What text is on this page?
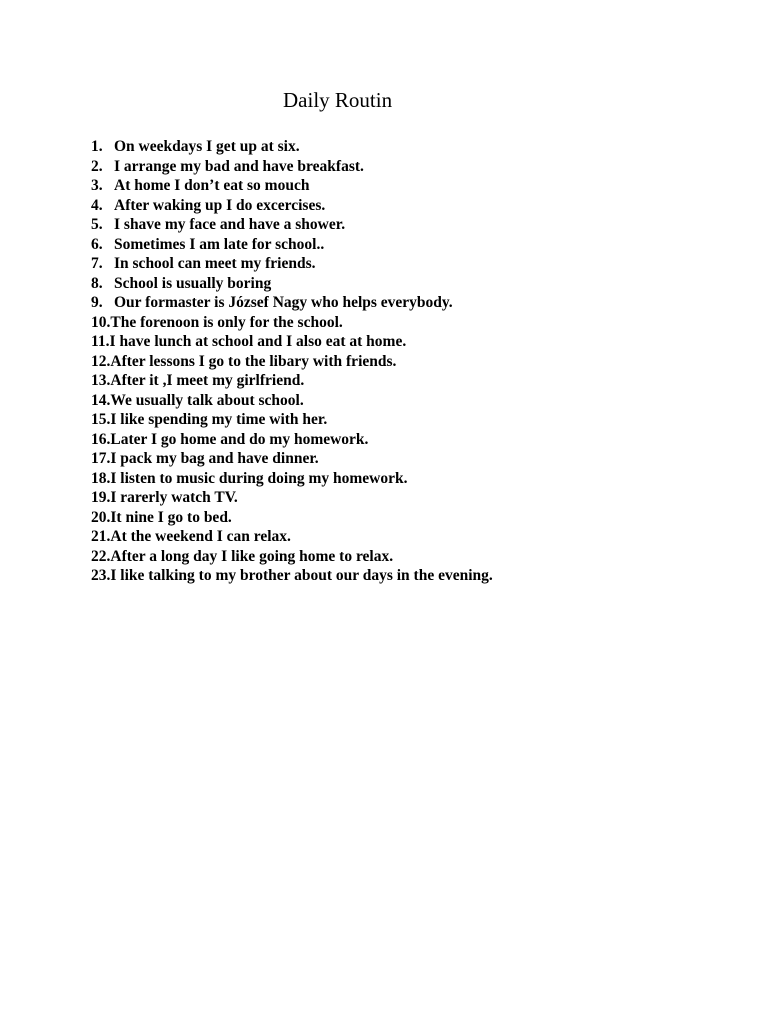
Daily Routin
1. On weekdays I get up at six.
2. I arrange my bad and have breakfast.
3. At home I don’t eat so mouch
4. After waking up I do excercises.
5. I shave my face and have a shower.
6. Sometimes I am late for school..
7. In school can meet my friends.
8. School is usually boring
9. Our formaster is József Nagy who helps everybody.
10. The forenoon is only for the school.
11. I have lunch at school and I also eat at home.
12. After lessons I go to the libary with friends.
13. After it ,I meet my girlfriend.
14. We usually talk about school.
15. I like spending my time with her.
16. Later I go home and do my homework.
17. I pack my bag and have dinner.
18. I listen to music during doing my homework.
19. I rarerly watch TV.
20. It nine I go to bed.
21. At the weekend I can relax.
22. After a long day I like going home to relax.
23. I like talking to my brother about our days in the evening.
